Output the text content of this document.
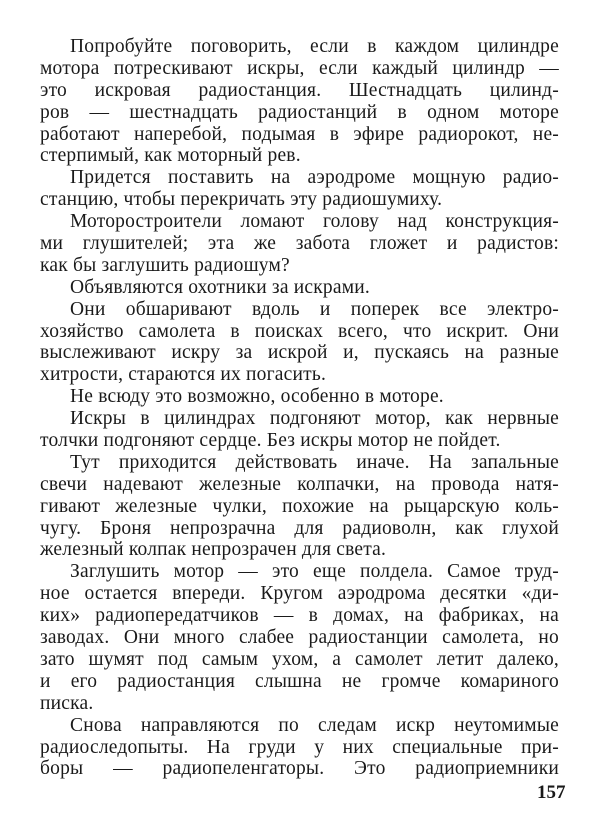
Попробуйте поговорить, если в каждом цилиндре
мотора потрескивают искры, если каждый цилиндр —
это искровая радиостанция. Шестнадцать цилинд-
ров — шестнадцать радиостанций в одном моторе
работают наперебой, подымая в эфире радиорокот, не-
стерпимый, как моторный рев.
Придется поставить на аэродроме мощную радио-
станцию, чтобы перекричать эту радиошумиху.
Моторостроители ломают голову над конструкция-
ми глушителей; эта же забота гложет и радистов:
как бы заглушить радиошум?
Объявляются охотники за искрами.
Они обшаривают вдоль и поперек все электро-
хозяйство самолета в поисках всего, что искрит. Они
выслеживают искру за искрой и, пускаясь на разные
хитрости, стараются их погасить.
Не всюду это возможно, особенно в моторе.
Искры в цилиндрах подгоняют мотор, как нервные
толчки подгоняют сердце. Без искры мотор не пойдет.
Тут приходится действовать иначе. На запальные
свечи надевают железные колпачки, на провода натя-
гивают железные чулки, похожие на рыцарскую коль-
чугу. Броня непрозрачна для радиоволн, как глухой
железный колпак непрозрачен для света.
Заглушить мотор — это еще полдела. Самое труд-
ное остается впереди. Кругом аэродрома десятки «ди-
ких» радиопередатчиков — в домах, на фабриках, на
заводах. Они много слабее радиостанции самолета, но
зато шумят под самым ухом, а самолет летит далеко,
и его радиостанция слышна не громче комариного
писка.
Снова направляются по следам искр неутомимые
радиоследопыты. На груди у них специальные при-
боры — радиопеленгаторы. Это радиоприемники
157
